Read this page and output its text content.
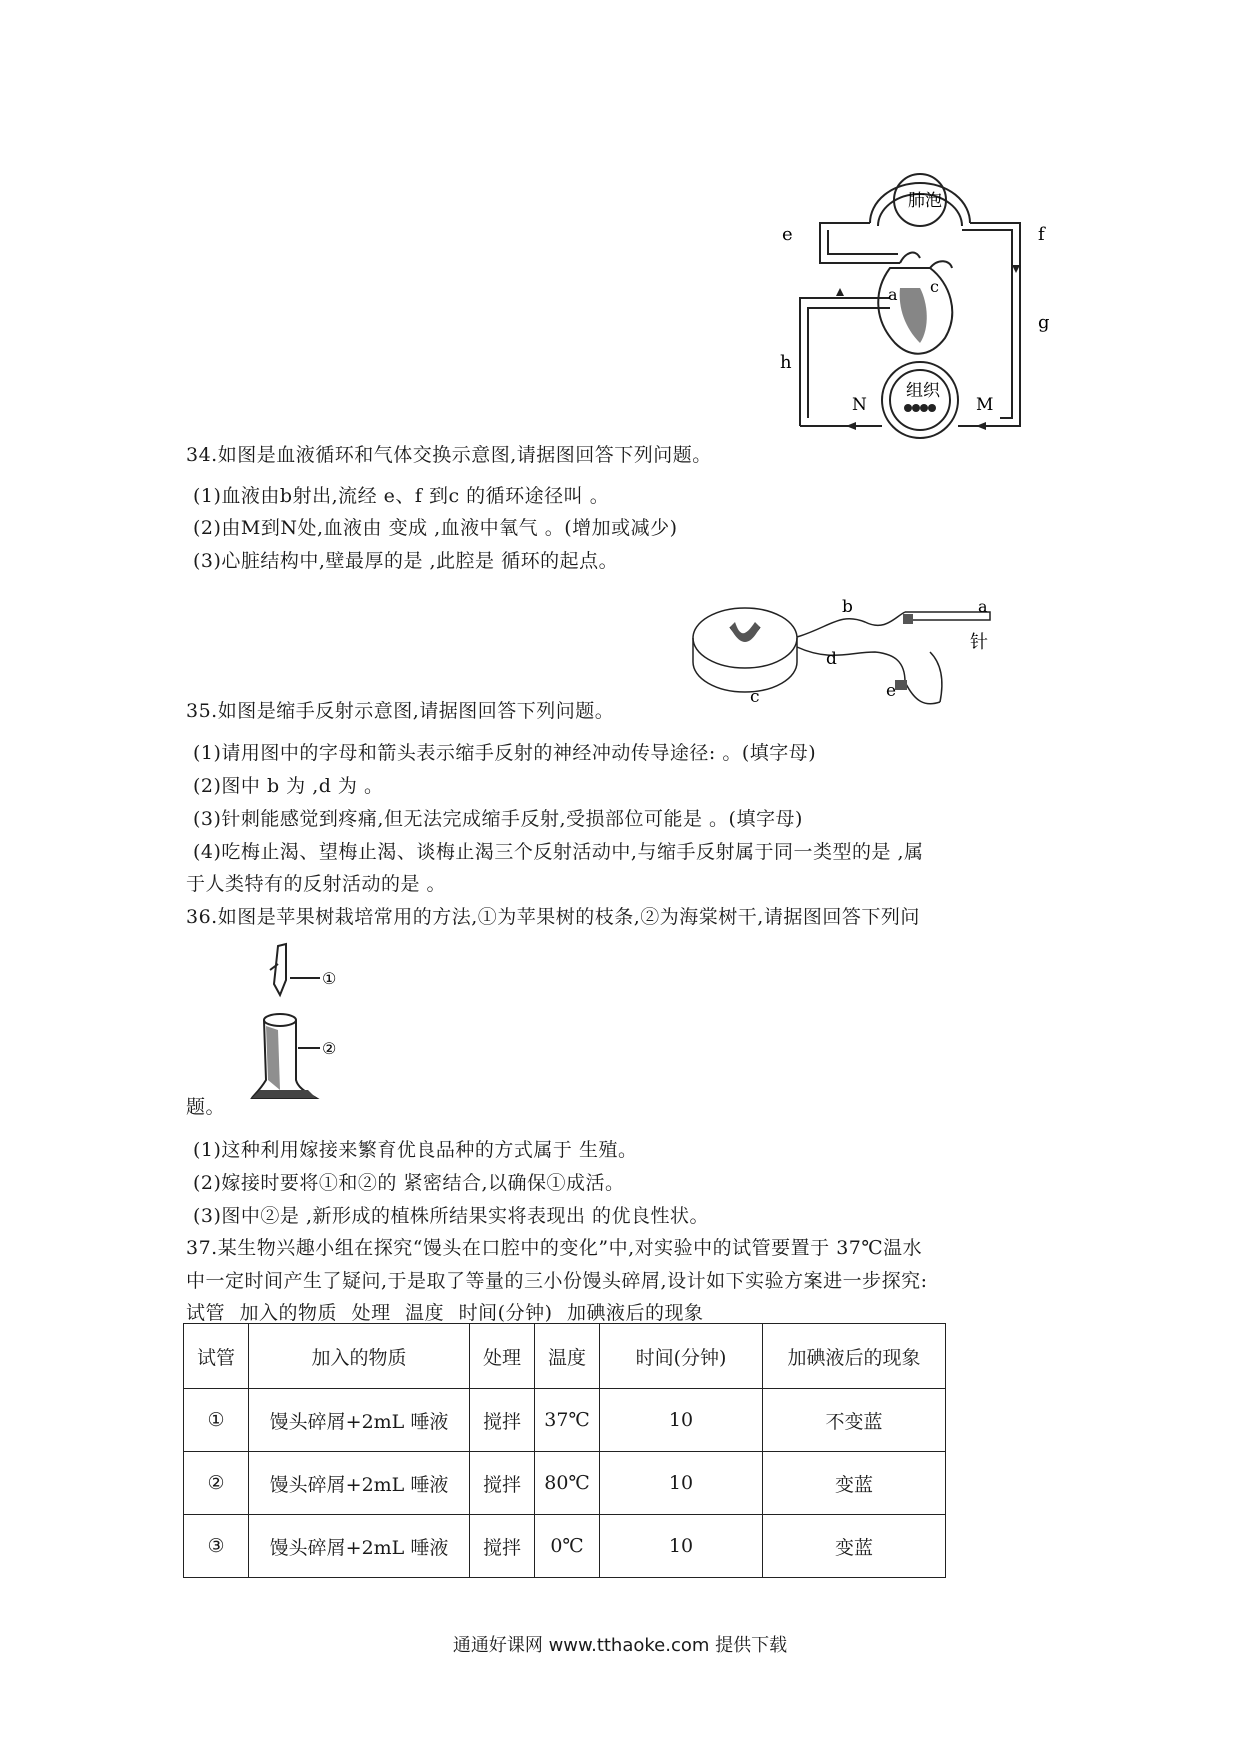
肺泡
组织
e	f
g
h
a c
N	M
34.如图是血液循环和气体交换示意图,请据图回答下列问题。
(1)血液由b射出,流经 e、f 到c 的循环途径叫 。
(2)由M到N处,血液由 变成 ,血液中氧气 。(增加或减少)
(3)心脏结构中,壁最厚的是 ,此腔是 循环的起点。
b	a
针
d
e
c
35.如图是缩手反射示意图,请据图回答下列问题。
(1)请用图中的字母和箭头表示缩手反射的神经冲动传导途径: 。(填字母)
(2)图中 b 为 ,d 为 。
(3)针刺能感觉到疼痛,但无法完成缩手反射,受损部位可能是 。(填字母)
(4)吃梅止渴、望梅止渴、谈梅止渴三个反射活动中,与缩手反射属于同一类型的是 ,属
于人类特有的反射活动的是 。
36.如图是苹果树栽培常用的方法,①为苹果树的枝条,②为海棠树干,请据图回答下列问
①
②
题。
(1)这种利用嫁接来繁育优良品种的方式属于 生殖。
(2)嫁接时要将①和②的 紧密结合,以确保①成活。
(3)图中②是 ,新形成的植株所结果实将表现出 的优良性状。
37.某生物兴趣小组在探究“馒头在口腔中的变化”中,对实验中的试管要置于 37℃温水
中一定时间产生了疑问,于是取了等量的三小份馒头碎屑,设计如下实验方案进一步探究:
试管 加入的物质 处理 温度 时间(分钟) 加碘液后的现象
试管	加入的物质	处理	温度	时间(分钟)	加碘液后的现象
①	馒头碎屑+2mL 唾液	搅拌	37℃	10	不变蓝
②	馒头碎屑+2mL 唾液	搅拌	80℃	10	变蓝
③	馒头碎屑+2mL 唾液	搅拌	0℃	10	变蓝
通通好课网 www.tthaoke.com 提供下载
